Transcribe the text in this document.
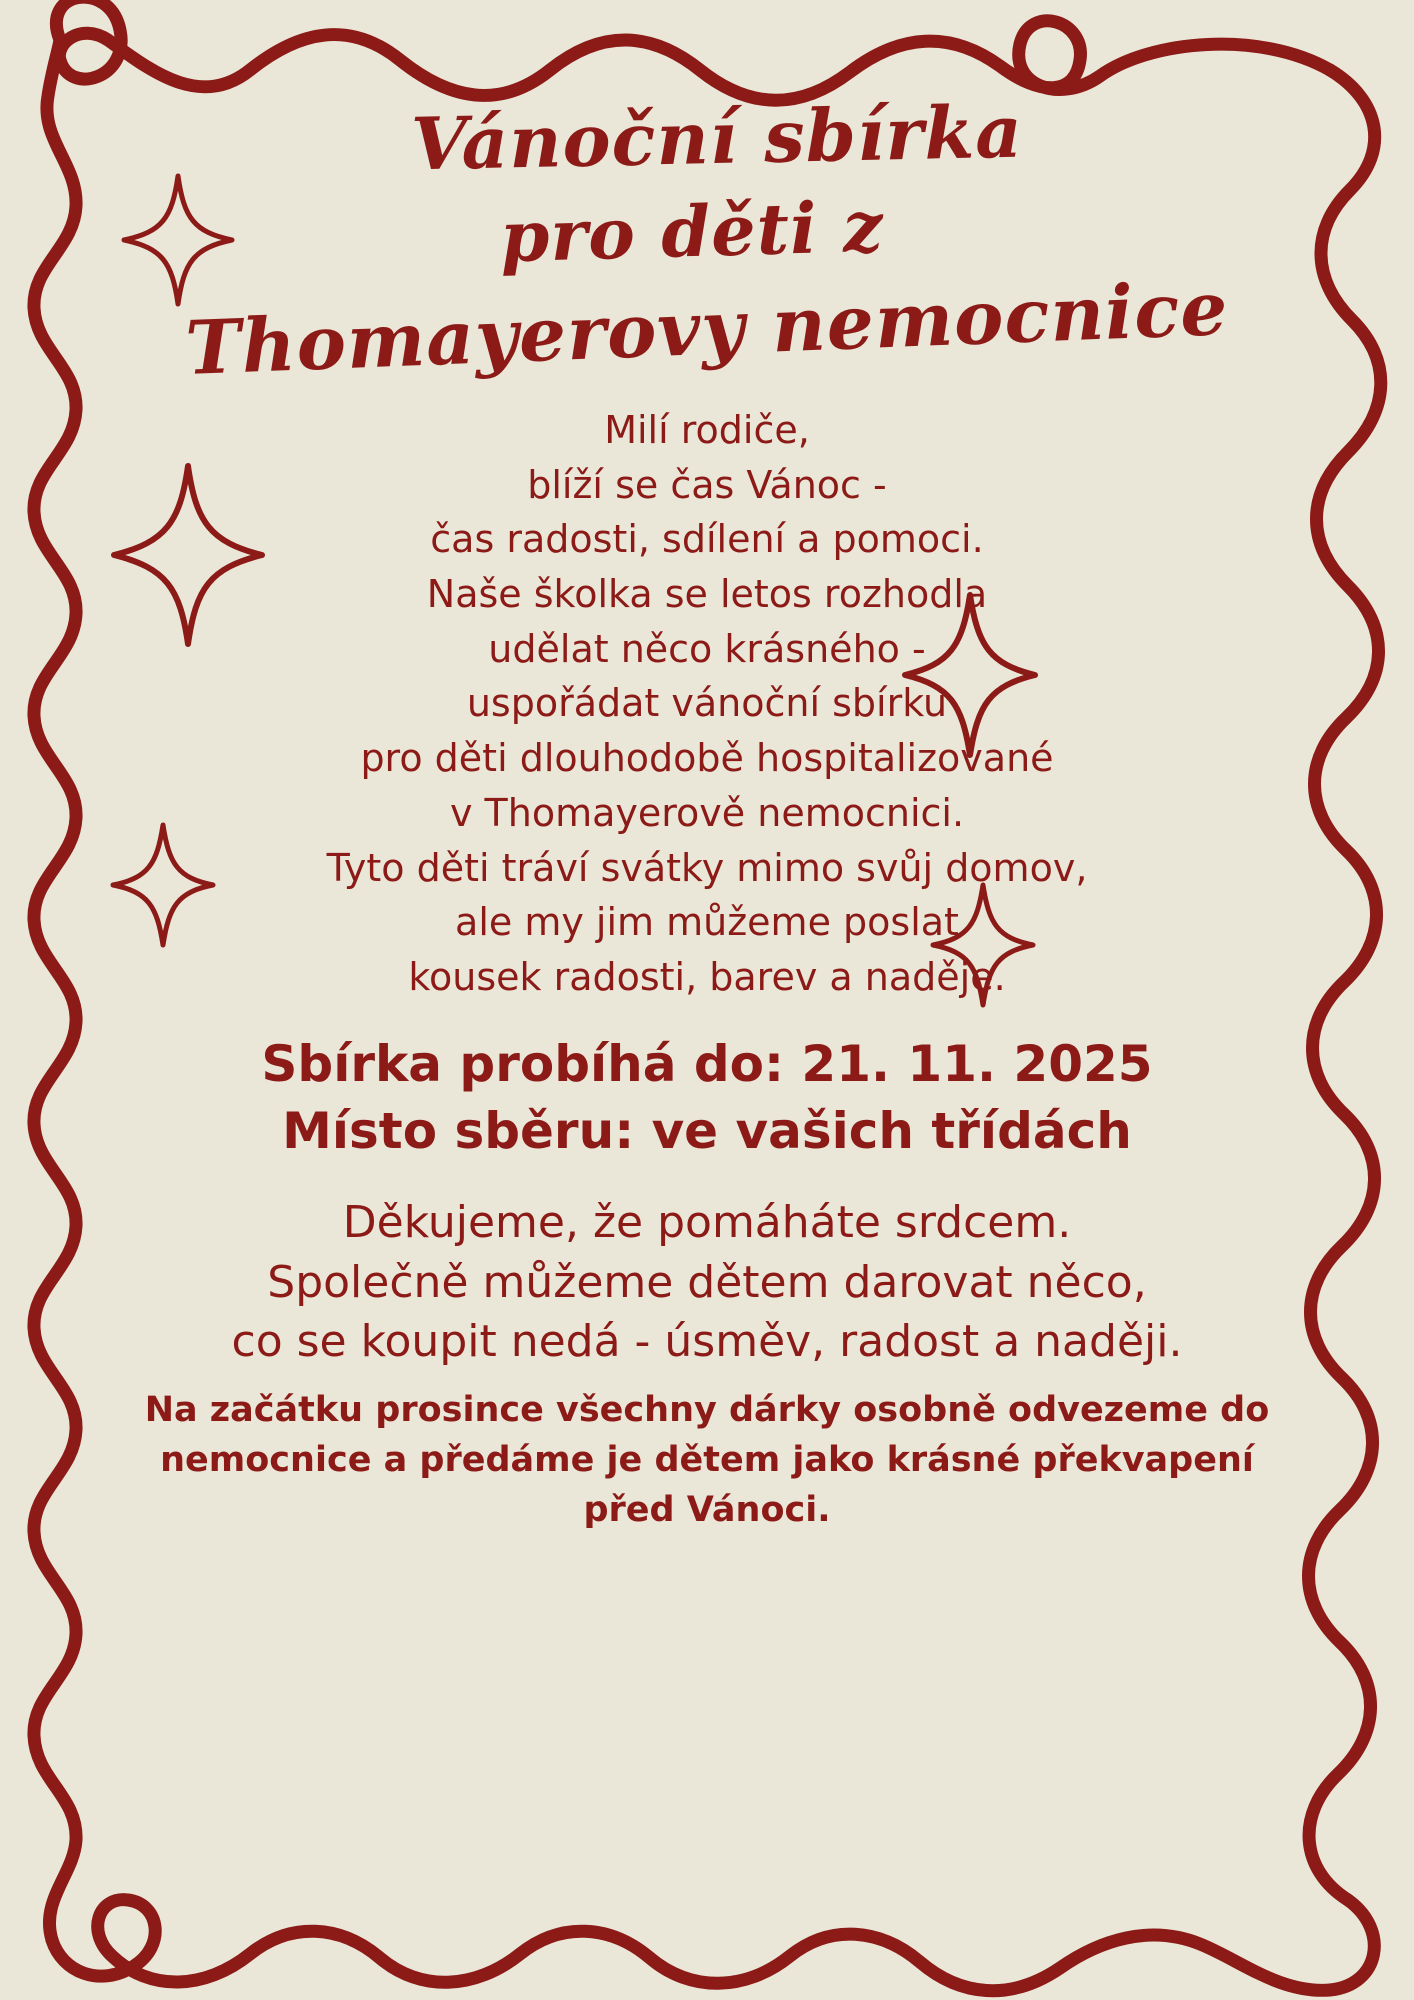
Vánoční sbírka
pro děti z
Thomayerovy nemocnice
Milí rodiče,
blíží se čas Vánoc -
čas radosti, sdílení a pomoci.
Naše školka se letos rozhodla
udělat něco krásného -
uspořádat vánoční sbírku
pro děti dlouhodobě hospitalizované
v Thomayerově nemocnici.
Tyto děti tráví svátky mimo svůj domov,
ale my jim můžeme poslat
kousek radosti, barev a naděje.
Sbírka probíhá do: 21. 11. 2025
Místo sběru: ve vašich třídách
Děkujeme, že pomáháte srdcem.
Společně můžeme dětem darovat něco,
co se koupit nedá - úsměv, radost a naději.
Na začátku prosince všechny dárky osobně odvezeme do
nemocnice a předáme je dětem jako krásné překvapení
před Vánoci.
